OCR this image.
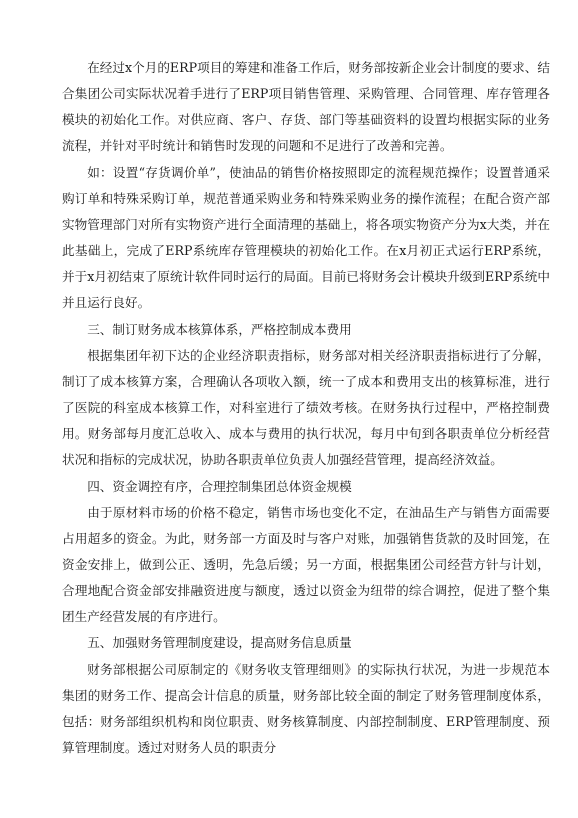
在经过x个月的ERP项目的筹建和准备工作后，财务部按新企业会计制度的要求、结合集团公司实际状况着手进行了ERP项目销售管理、采购管理、合同管理、库存管理各模块的初始化工作。对供应商、客户、存货、部门等基础资料的设置均根据实际的业务流程，并针对平时统计和销售时发现的问题和不足进行了改善和完善。

如：设置“存货调价单”，使油品的销售价格按照即定的流程规范操作；设置普通采购订单和特殊采购订单，规范普通采购业务和特殊采购业务的操作流程；在配合资产部实物管理部门对所有实物资产进行全面清理的基础上，将各项实物资产分为x大类，并在此基础上，完成了ERP系统库存管理模块的初始化工作。在x月初正式运行ERP系统，并于x月初结束了原统计软件同时运行的局面。目前已将财务会计模块升级到ERP系统中并且运行良好。

三、制订财务成本核算体系，严格控制成本费用

根据集团年初下达的企业经济职责指标，财务部对相关经济职责指标进行了分解，制订了成本核算方案，合理确认各项收入额，统一了成本和费用支出的核算标准，进行了医院的科室成本核算工作，对科室进行了绩效考核。在财务执行过程中，严格控制费用。财务部每月度汇总收入、成本与费用的执行状况，每月中旬到各职责单位分析经营状况和指标的完成状况，协助各职责单位负责人加强经营管理，提高经济效益。

四、资金调控有序，合理控制集团总体资金规模

由于原材料市场的价格不稳定，销售市场也变化不定，在油品生产与销售方面需要占用超多的资金。为此，财务部一方面及时与客户对账，加强销售货款的及时回笼，在资金安排上，做到公正、透明，先急后缓；另一方面，根据集团公司经营方针与计划，合理地配合资金部安排融资进度与额度，透过以资金为纽带的综合调控，促进了整个集团生产经营发展的有序进行。

五、加强财务管理制度建设，提高财务信息质量

财务部根据公司原制定的《财务收支管理细则》的实际执行状况，为进一步规范本集团的财务工作、提高会计信息的质量，财务部比较全面的制定了财务管理制度体系，包括：财务部组织机构和岗位职责、财务核算制度、内部控制制度、ERP管理制度、预算管理制度。透过对财务人员的职责分
